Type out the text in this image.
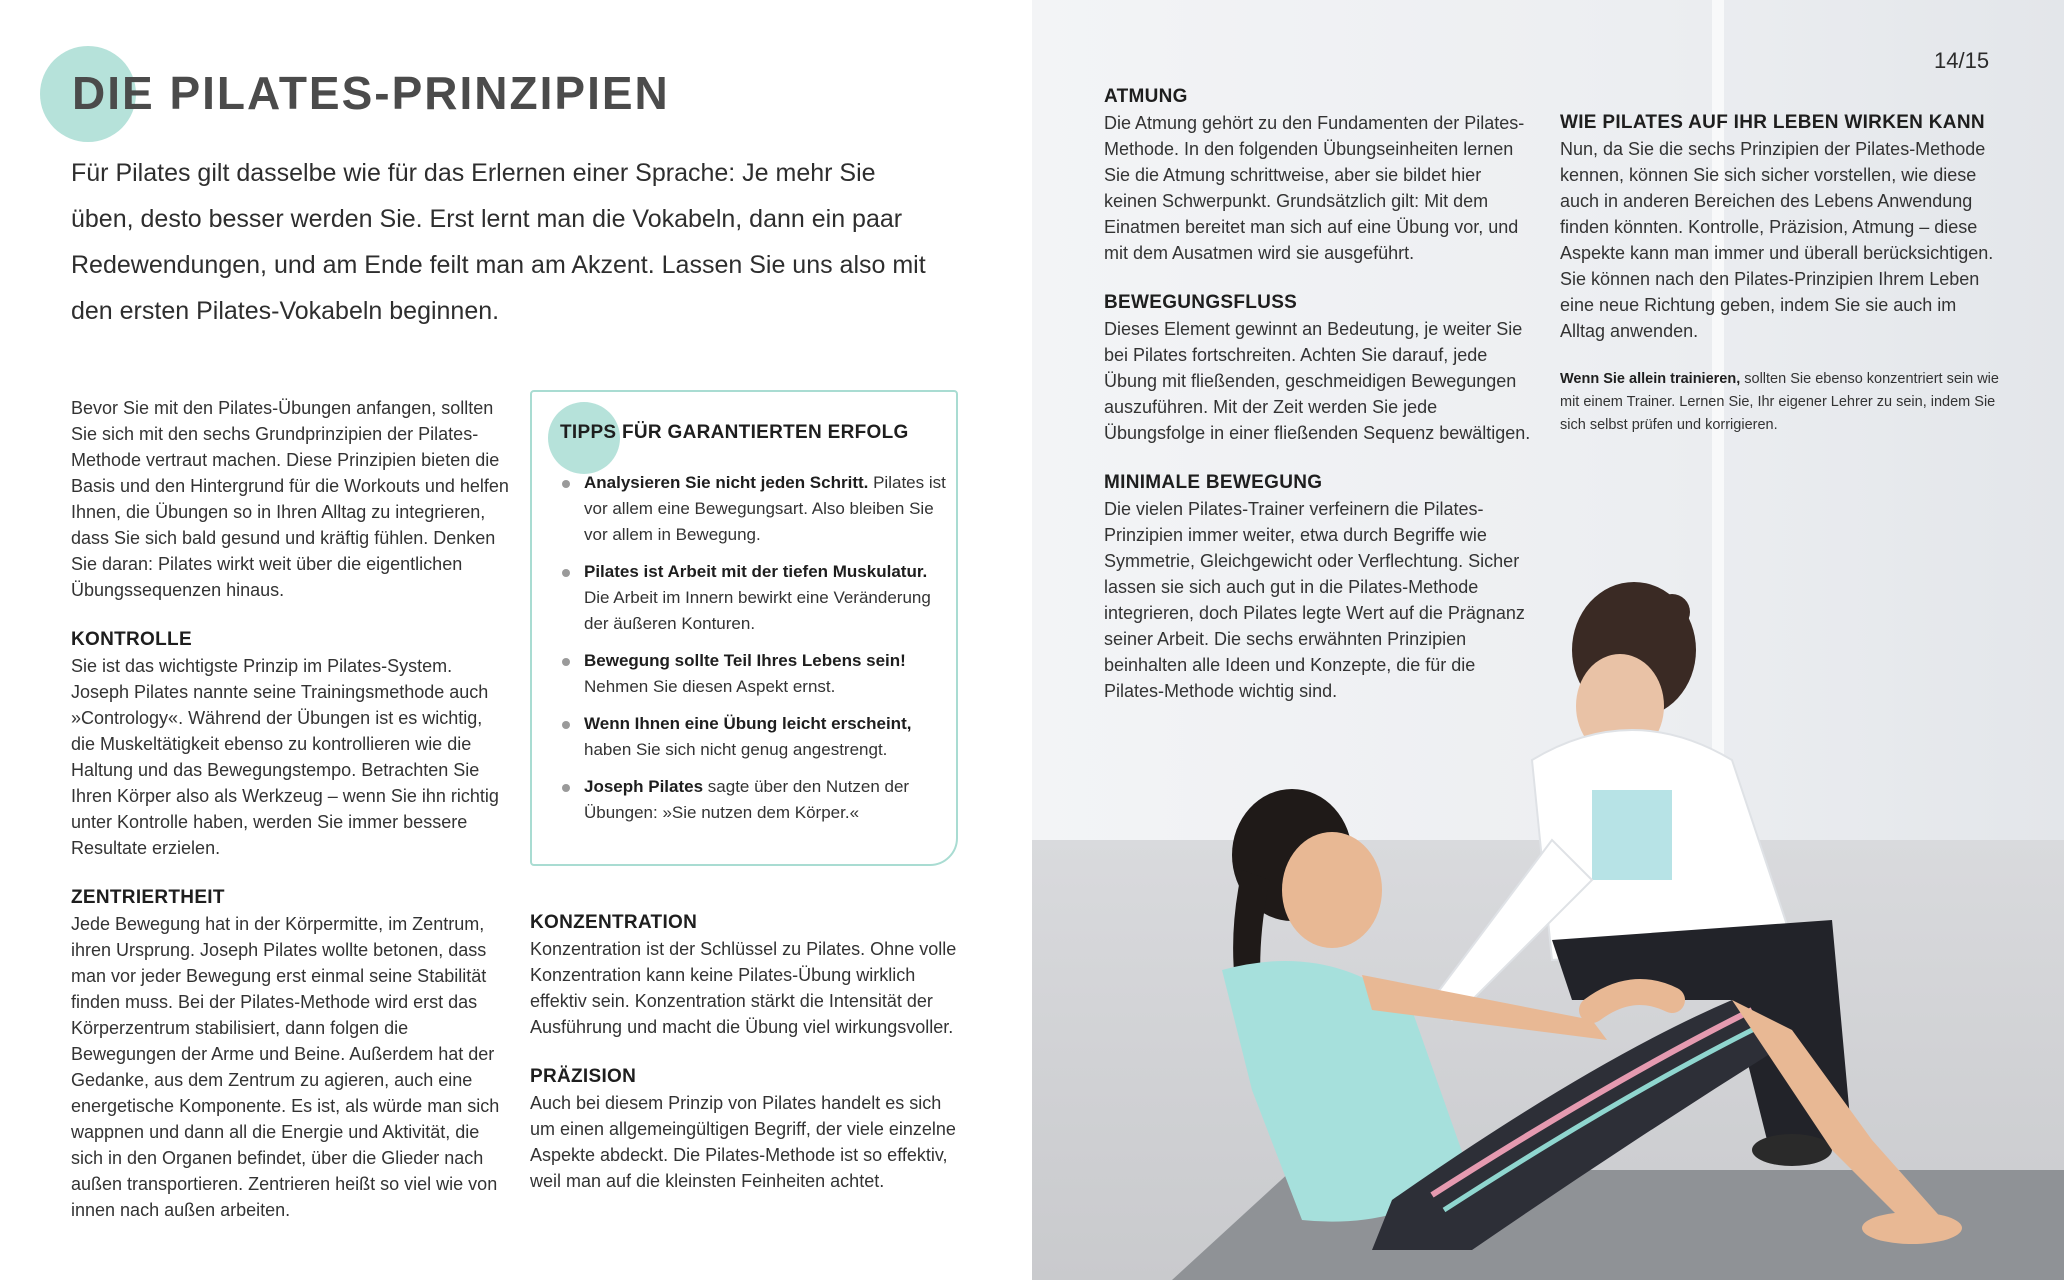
DIE PILATES-PRINZIPIEN
Für Pilates gilt dasselbe wie für das Erlernen einer Sprache: Je mehr Sie üben, desto besser werden Sie. Erst lernt man die Vokabeln, dann ein paar Redewendungen, und am Ende feilt man am Akzent. Lassen Sie uns also mit den ersten Pilates-Vokabeln beginnen.

Bevor Sie mit den Pilates-Übungen anfangen, sollten Sie sich mit den sechs Grundprinzipien der Pilates-Methode vertraut machen. Diese Prinzipien bieten die Basis und den Hintergrund für die Workouts und helfen Ihnen, die Übungen so in Ihren Alltag zu integrieren, dass Sie sich bald gesund und kräftig fühlen. Denken Sie daran: Pilates wirkt weit über die eigentlichen Übungssequenzen hinaus.

KONTROLLE

Sie ist das wichtigste Prinzip im Pilates-System. Joseph Pilates nannte seine Trainingsmethode auch »Contrology«. Während der Übungen ist es wichtig, die Muskeltätigkeit ebenso zu kontrollieren wie die Haltung und das Bewegungstempo. Betrachten Sie Ihren Körper also als Werkzeug – wenn Sie ihn richtig unter Kontrolle haben, werden Sie immer bessere Resultate erzielen.

ZENTRIERTHEIT

Jede Bewegung hat in der Körpermitte, im Zentrum, ihren Ursprung. Joseph Pilates wollte betonen, dass man vor jeder Bewegung erst einmal seine Stabilität finden muss. Bei der Pilates-Methode wird erst das Körperzentrum stabilisiert, dann folgen die Bewegungen der Arme und Beine. Außerdem hat der Gedanke, aus dem Zentrum zu agieren, auch eine energetische Komponente. Es ist, als würde man sich wappnen und dann all die Energie und Aktivität, die sich in den Organen befindet, über die Glieder nach außen transportieren. Zentrieren heißt so viel wie von innen nach außen arbeiten.

TIPPS FÜR GARANTIERTEN ERFOLG
Analysieren Sie nicht jeden Schritt. Pilates ist vor allem eine Bewegungsart. Also bleiben Sie vor allem in Bewegung.
Pilates ist Arbeit mit der tiefen Muskulatur. Die Arbeit im Innern bewirkt eine Veränderung der äußeren Konturen.
Bewegung sollte Teil Ihres Lebens sein! Nehmen Sie diesen Aspekt ernst.
Wenn Ihnen eine Übung leicht erscheint, haben Sie sich nicht genug angestrengt.
Joseph Pilates sagte über den Nutzen der Übungen: »Sie nutzen dem Körper.«
KONZENTRATION

Konzentration ist der Schlüssel zu Pilates. Ohne volle Konzentration kann keine Pilates-Übung wirklich effektiv sein. Konzentration stärkt die Intensität der Ausführung und macht die Übung viel wirkungsvoller.

PRÄZISION

Auch bei diesem Prinzip von Pilates handelt es sich um einen allgemeingültigen Begriff, der viele einzelne Aspekte abdeckt. Die Pilates-Methode ist so effektiv, weil man auf die kleinsten Feinheiten achtet.

14/15
ATMUNG

Die Atmung gehört zu den Fundamenten der Pilates-Methode. In den folgenden Übungseinheiten lernen Sie die Atmung schrittweise, aber sie bildet hier keinen Schwerpunkt. Grundsätzlich gilt: Mit dem Einatmen bereitet man sich auf eine Übung vor, und mit dem Ausatmen wird sie ausgeführt.

BEWEGUNGSFLUSS

Dieses Element gewinnt an Bedeutung, je weiter Sie bei Pilates fortschreiten. Achten Sie darauf, jede Übung mit fließenden, geschmeidigen Bewegungen auszuführen. Mit der Zeit werden Sie jede Übungsfolge in einer fließenden Sequenz bewältigen.

MINIMALE BEWEGUNG

Die vielen Pilates-Trainer verfeinern die Pilates-Prinzipien immer weiter, etwa durch Begriffe wie Symmetrie, Gleichgewicht oder Verflechtung. Sicher lassen sie sich auch gut in die Pilates-Methode integrieren, doch Pilates legte Wert auf die Prägnanz seiner Arbeit. Die sechs erwähnten Prinzipien beinhalten alle Ideen und Konzepte, die für die Pilates-Methode wichtig sind.

WIE PILATES AUF IHR LEBEN WIRKEN KANN

Nun, da Sie die sechs Prinzipien der Pilates-Methode kennen, können Sie sich sicher vorstellen, wie diese auch in anderen Bereichen des Lebens Anwendung finden könnten. Kontrolle, Präzision, Atmung – diese Aspekte kann man immer und überall berücksichtigen. Sie können nach den Pilates-Prinzipien Ihrem Leben eine neue Richtung geben, indem Sie sie auch im Alltag anwenden.

Wenn Sie allein trainieren, sollten Sie ebenso konzentriert sein wie mit einem Trainer. Lernen Sie, Ihr eigener Lehrer zu sein, indem Sie sich selbst prüfen und korrigieren.
